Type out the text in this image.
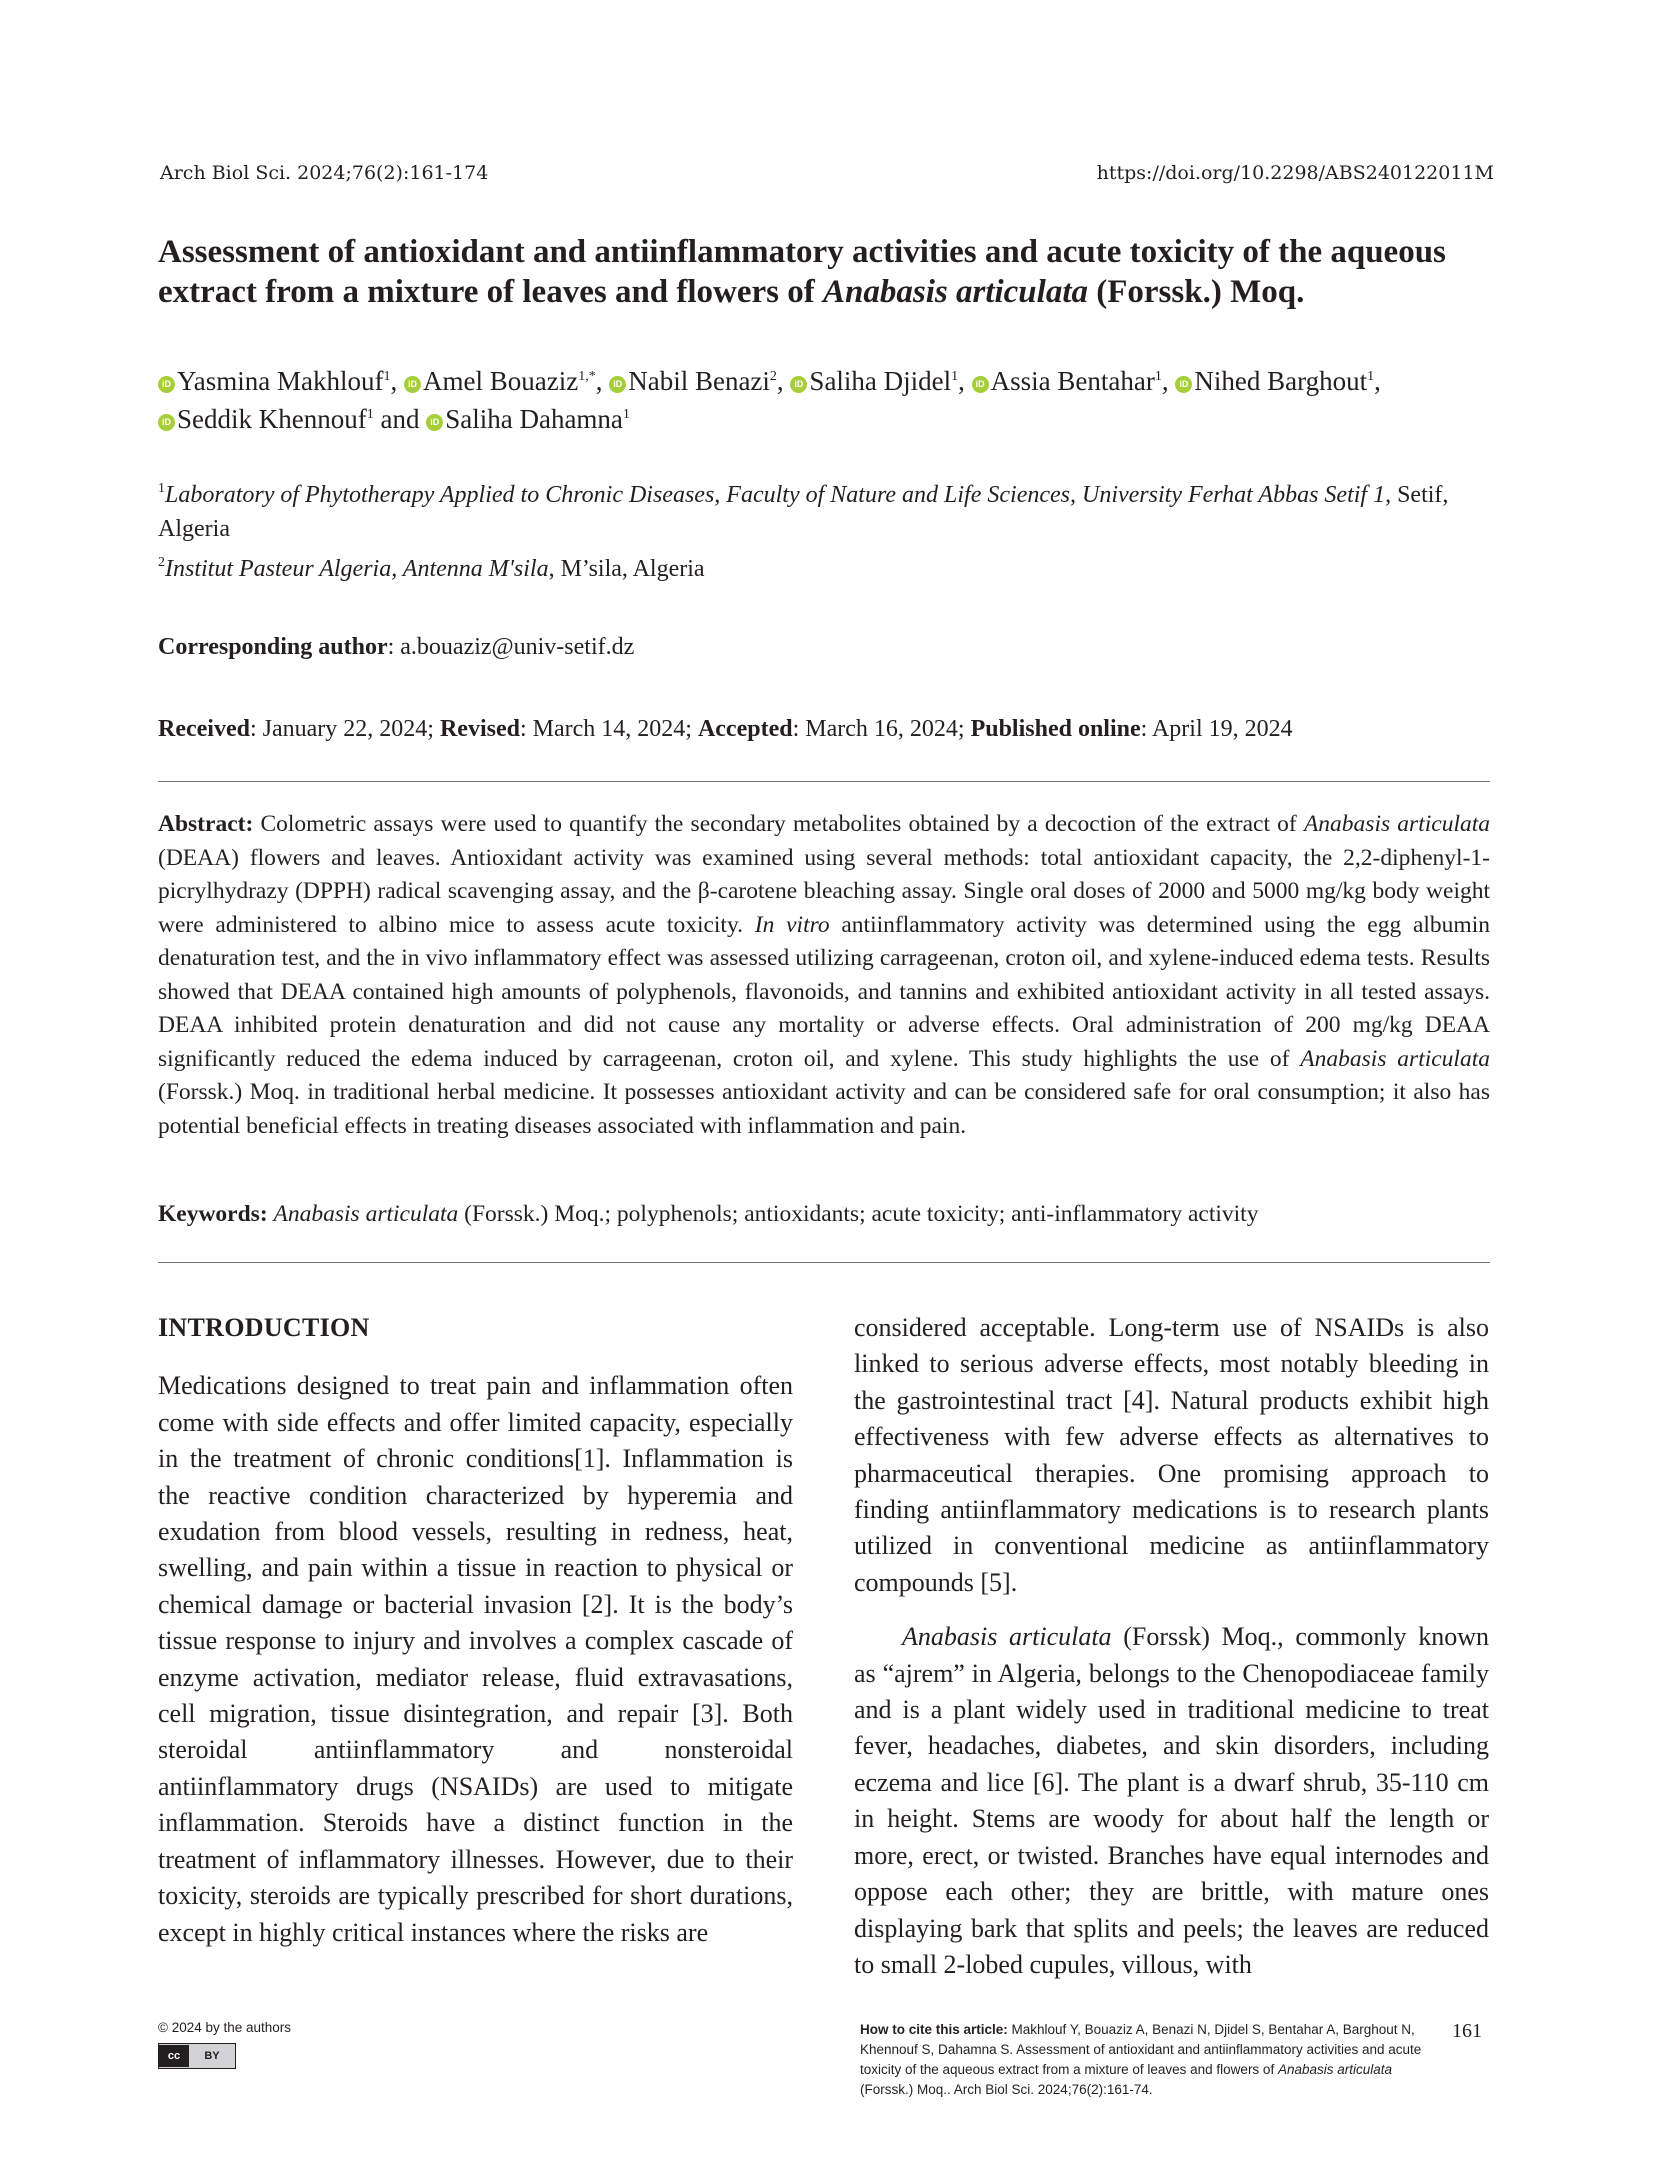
Arch Biol Sci. 2024;76(2):161-174	https://doi.org/10.2298/ABS240122011M
Assessment of antioxidant and antiinflammatory activities and acute toxicity of the aqueous extract from a mixture of leaves and flowers of Anabasis articulata (Forssk.) Moq.
iD Yasmina Makhlouf$^1$, iD Amel Bouaziz$^{1,*}$, iD Nabil Benazi$^2$, iD Saliha Djidel$^1$, iD Assia Bentahar$^1$, iD Nihed Barghout$^1$,
iD Seddik Khennouf$^1$ and iD Saliha Dahamna$^1$
$^1$Laboratory of Phytotherapy Applied to Chronic Diseases, Faculty of Nature and Life Sciences, University Ferhat Abbas Setif 1, Setif, Algeria
$^2$Institut Pasteur Algeria, Antenna M'sila, M’sila, Algeria
Corresponding author: a.bouaziz@univ-setif.dz
Received: January 22, 2024; Revised: March 14, 2024; Accepted: March 16, 2024; Published online: April 19, 2024
Abstract: Colometric assays were used to quantify the secondary metabolites obtained by a decoction of the extract of Anabasis articulata (DEAA) flowers and leaves. Antioxidant activity was examined using several methods: total antioxidant capacity, the 2,2-diphenyl-1-picrylhydrazy (DPPH) radical scavenging assay, and the β-carotene bleaching assay. Single oral doses of 2000 and 5000 mg/kg body weight were administered to albino mice to assess acute toxicity. In vitro antiinflammatory activity was determined using the egg albumin denaturation test, and the in vivo inflammatory effect was assessed utilizing carrageenan, croton oil, and xylene-induced edema tests. Results showed that DEAA contained high amounts of polyphenols, flavonoids, and tannins and exhibited antioxidant activity in all tested assays. DEAA inhibited protein denaturation and did not cause any mortality or adverse effects. Oral administration of 200 mg/kg DEAA significantly reduced the edema induced by carrageenan, croton oil, and xylene. This study highlights the use of Anabasis articulata (Forssk.) Moq. in traditional herbal medicine. It possesses antioxidant activity and can be considered safe for oral consumption; it also has potential beneficial effects in treating diseases associated with inflammation and pain.
Keywords: Anabasis articulata (Forssk.) Moq.; polyphenols; antioxidants; acute toxicity; anti-inflammatory activity

INTRODUCTION

Medications designed to treat pain and inflammation often come with side effects and offer limited capacity, especially in the treatment of chronic conditions[1]. Inflammation is the reactive condition characterized by hyperemia and exudation from blood vessels, resulting in redness, heat, swelling, and pain within a tissue in reaction to physical or chemical damage or bacterial invasion [2]. It is the body’s tissue response to injury and involves a complex cascade of enzyme activation, mediator release, fluid extravasations, cell migration, tissue disintegration, and repair [3]. Both steroidal antiinflammatory and nonsteroidal antiinflammatory drugs (NSAIDs) are used to mitigate inflammation. Steroids have a distinct function in the treatment of inflammatory illnesses. However, due to their toxicity, steroids are typically prescribed for short durations, except in highly critical instances where the risks are

considered acceptable. Long-term use of NSAIDs is also linked to serious adverse effects, most notably bleeding in the gastrointestinal tract [4]. Natural products exhibit high effectiveness with few adverse effects as alternatives to pharmaceutical therapies. One promising approach to finding antiinflammatory medications is to research plants utilized in conventional medicine as antiinflammatory compounds [5].

Anabasis articulata (Forssk) Moq., commonly known as “ajrem” in Algeria, belongs to the Chenopodiaceae family and is a plant widely used in traditional medicine to treat fever, headaches, diabetes, and skin disorders, including eczema and lice [6]. The plant is a dwarf shrub, 35-110 cm in height. Stems are woody for about half the length or more, erect, or twisted. Branches have equal internodes and oppose each other; they are brittle, with mature ones displaying bark that splits and peels; the leaves are reduced to small 2-lobed cupules, villous, with

© 2024 by the authors
cc	BY
How to cite this article: Makhlouf Y, Bouaziz A, Benazi N, Djidel S, Bentahar A, Barghout N, Khennouf S, Dahamna S. Assessment of antioxidant and antiinflammatory activities and acute toxicity of the aqueous extract from a mixture of leaves and flowers of Anabasis articulata (Forssk.) Moq.. Arch Biol Sci. 2024;76(2):161-74.
161
